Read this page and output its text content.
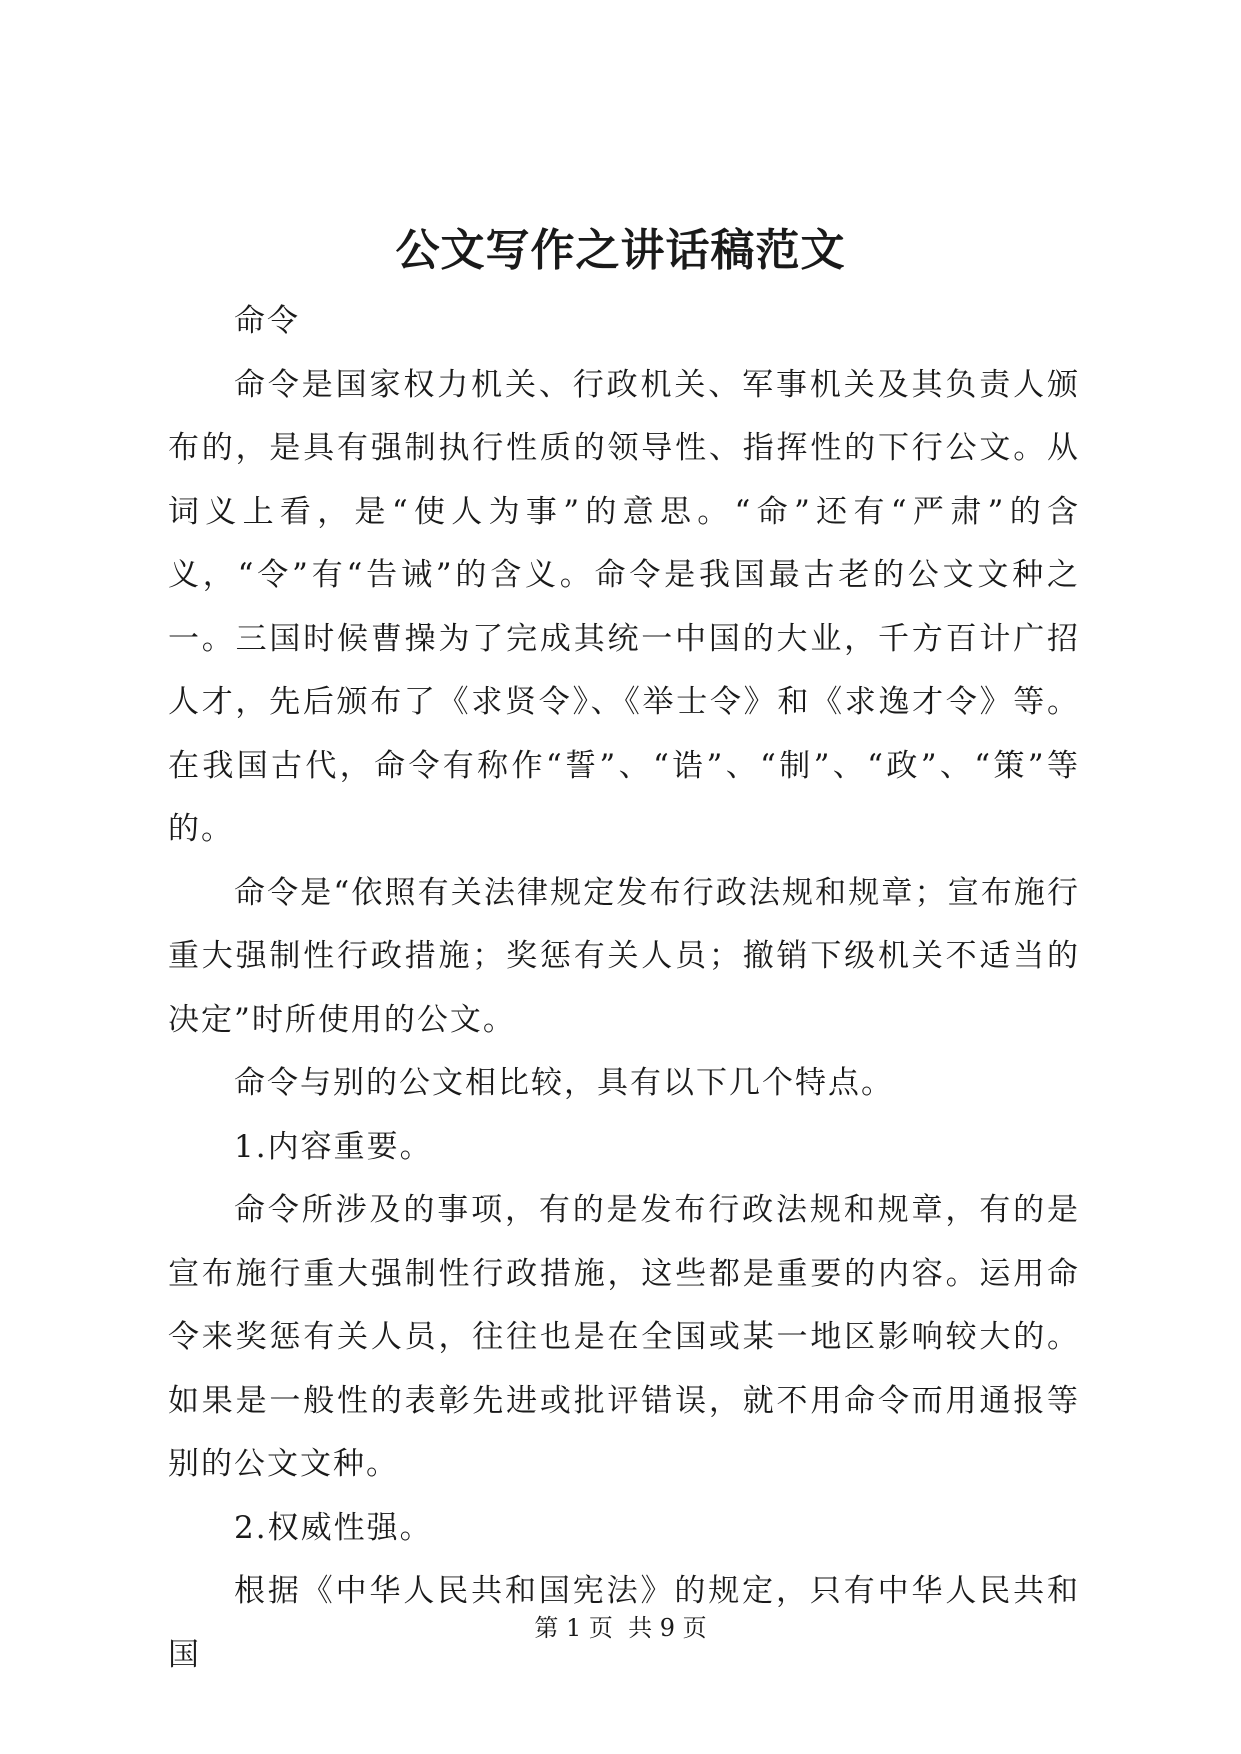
公文写作之讲话稿范文

命令

命令是国家权力机关、行政机关、军事机关及其负责人颁布的，是具有强制执行性质的领导性、指挥性的下行公文。从词义上看，是“使人为事”的意思。“命”还有“严肃”的含义，“令”有“告诫”的含义。命令是我国最古老的公文文种之一。三国时候曹操为了完成其统一中国的大业，千方百计广招人才，先后颁布了《求贤令》、《举士令》和《求逸才令》等。在我国古代，命令有称作“誓”、“诰”、“制”、“政”、“策”等的。

命令是“依照有关法律规定发布行政法规和规章；宣布施行重大强制性行政措施；奖惩有关人员；撤销下级机关不适当的决定”时所使用的公文。

命令与别的公文相比较，具有以下几个特点。

1.内容重要。

命令所涉及的事项，有的是发布行政法规和规章，有的是宣布施行重大强制性行政措施，这些都是重要的内容。运用命令来奖惩有关人员，往往也是在全国或某一地区影响较大的。如果是一般性的表彰先进或批评错误，就不用命令而用通报等别的公文文种。

2.权威性强。

根据《中华人民共和国宪法》的规定，只有中华人民共和国

第 1 页  共 9 页
